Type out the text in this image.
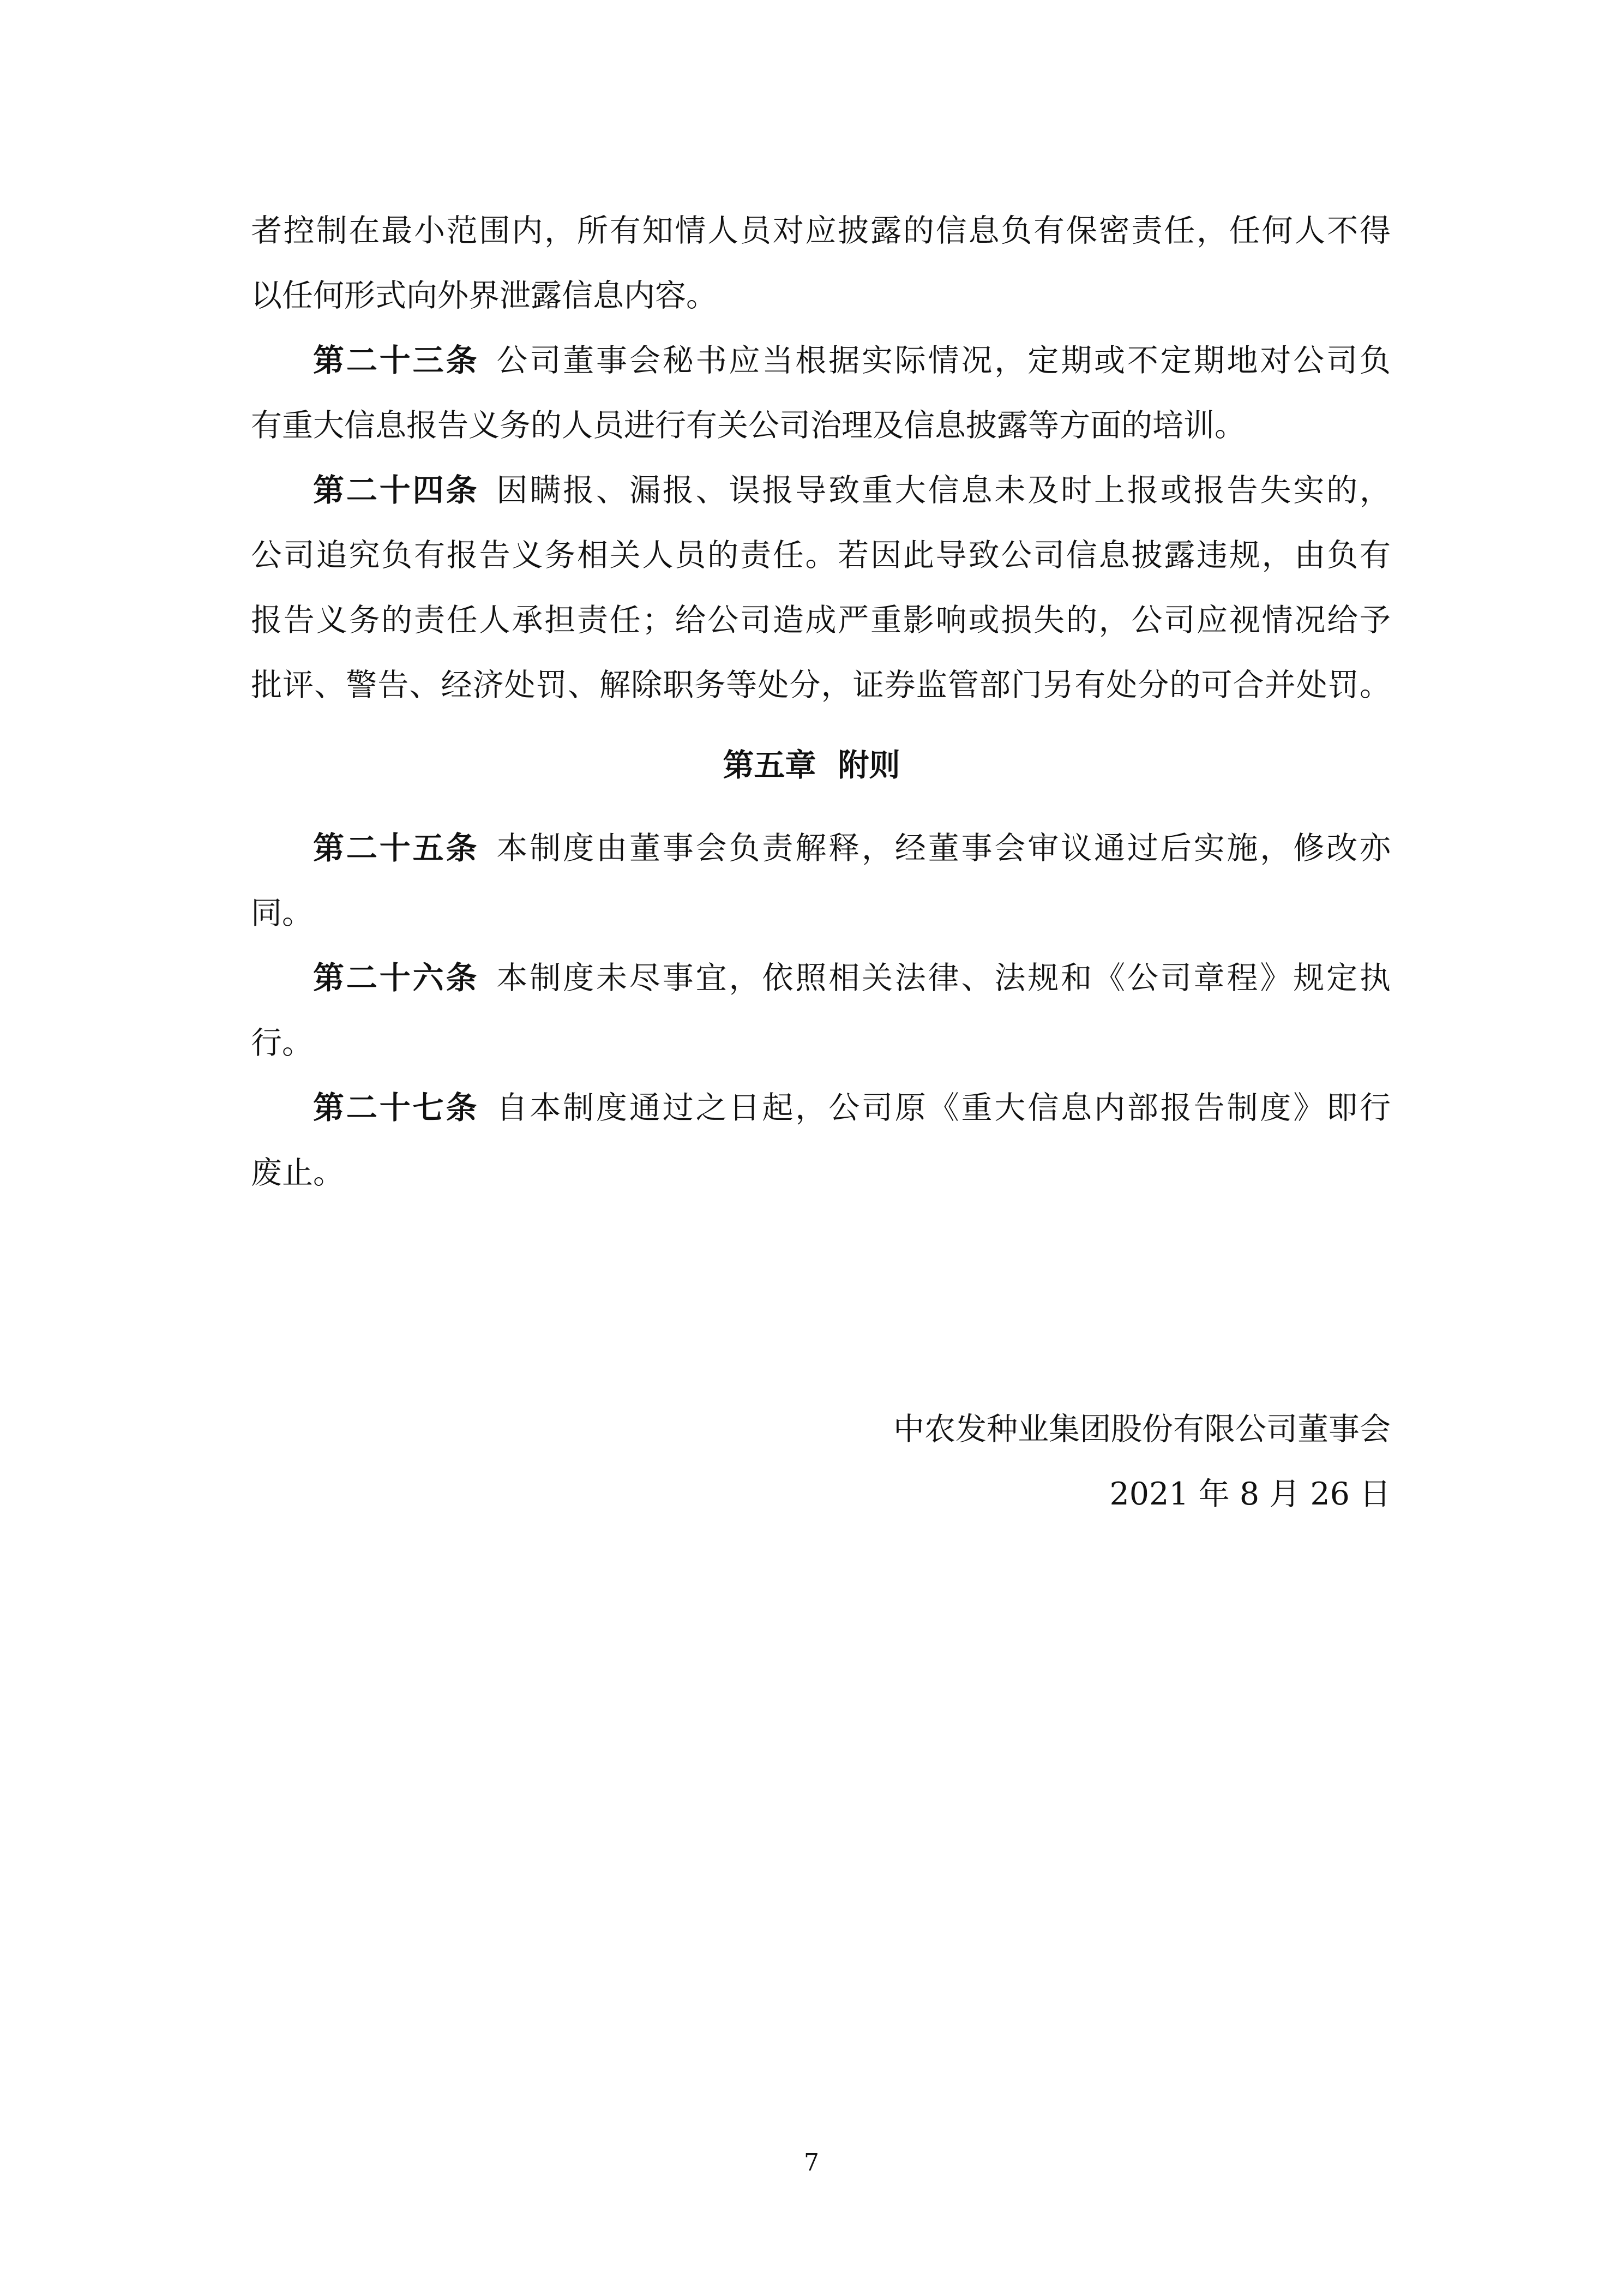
者控制在最小范围内，所有知情人员对应披露的信息负有保密责任，任何人不得
以任何形式向外界泄露信息内容。
第二十三条 公司董事会秘书应当根据实际情况，定期或不定期地对公司负
有重大信息报告义务的人员进行有关公司治理及信息披露等方面的培训。
第二十四条 因瞒报、漏报、误报导致重大信息未及时上报或报告失实的，
公司追究负有报告义务相关人员的责任。若因此导致公司信息披露违规，由负有
报告义务的责任人承担责任；给公司造成严重影响或损失的，公司应视情况给予
批评、警告、经济处罚、解除职务等处分，证券监管部门另有处分的可合并处罚。
第五章 附则
第二十五条 本制度由董事会负责解释，经董事会审议通过后实施，修改亦
同。
第二十六条 本制度未尽事宜，依照相关法律、法规和《公司章程》规定执
行。
第二十七条 自本制度通过之日起，公司原《重大信息内部报告制度》即行
废止。
中农发种业集团股份有限公司董事会
2021 年 8 月 26 日
7
